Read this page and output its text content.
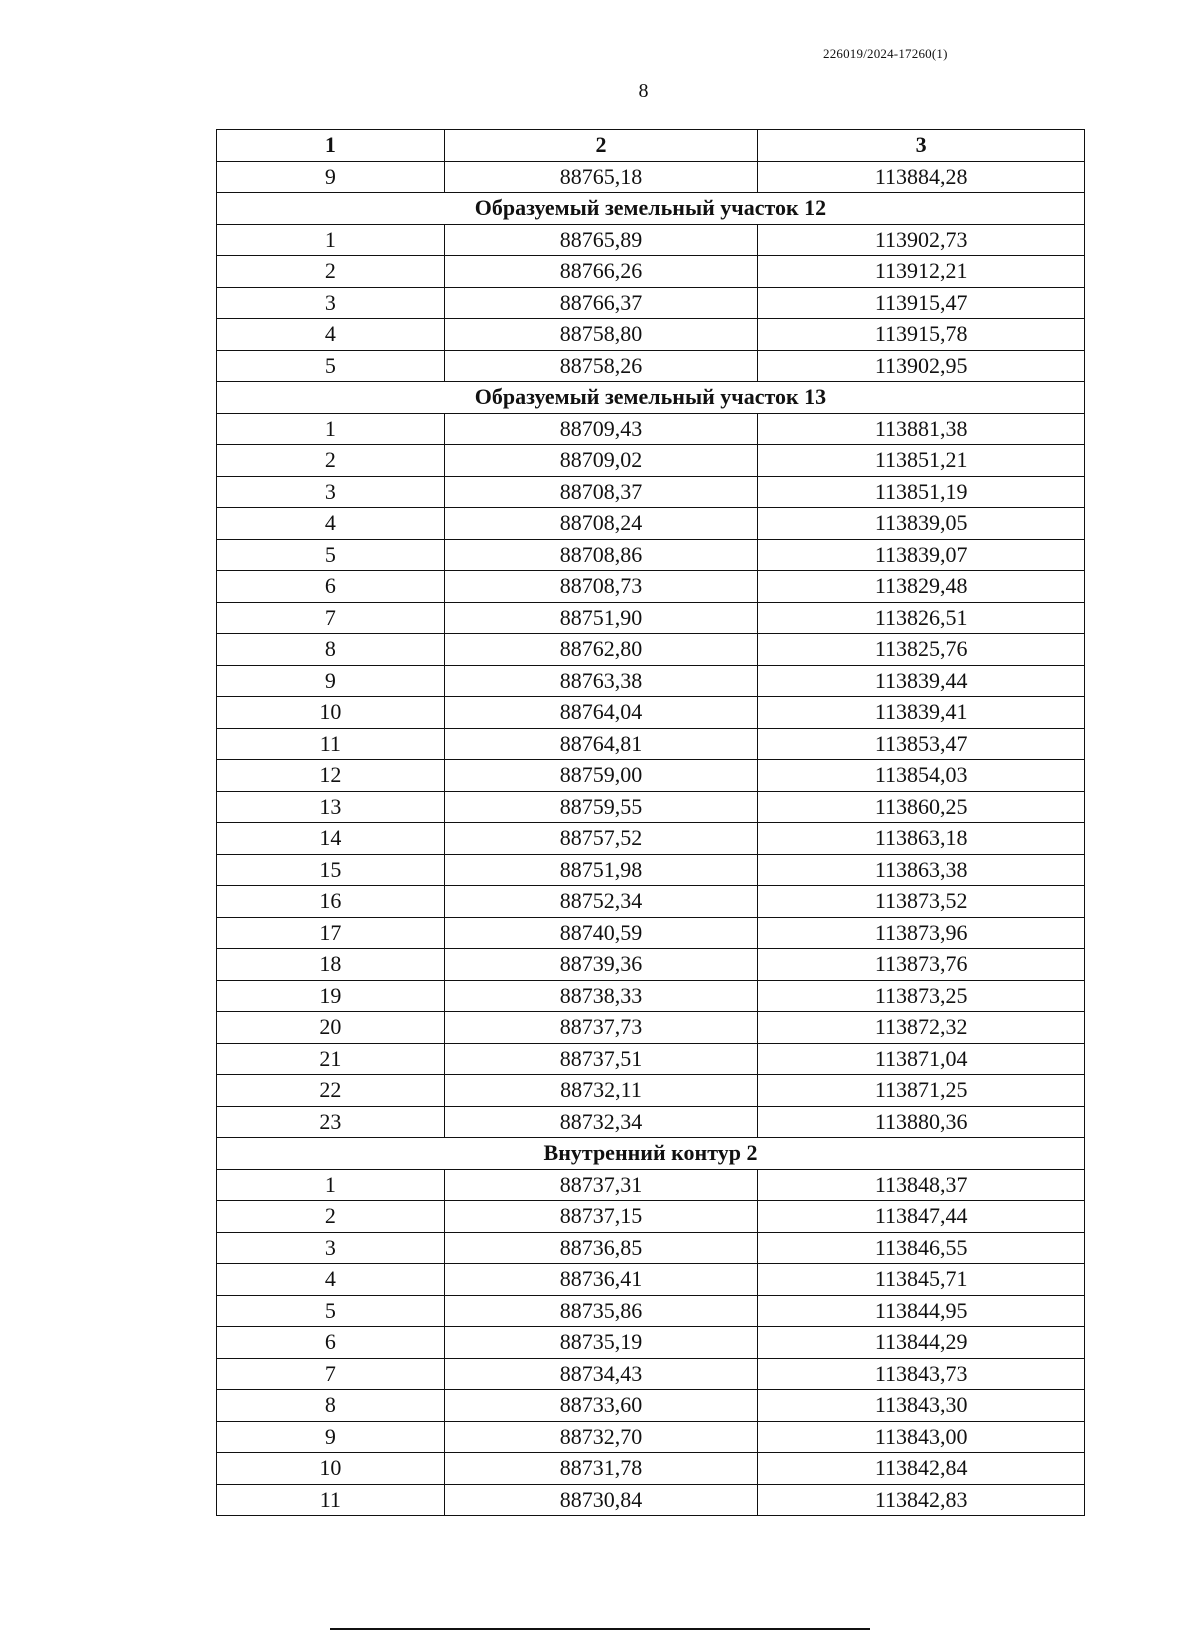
226019/2024-17260(1)
8
1	2	3
9	88765,18	113884,28
Образуемый земельный участок 12		
1	88765,89	113902,73
2	88766,26	113912,21
3	88766,37	113915,47
4	88758,80	113915,78
5	88758,26	113902,95
Образуемый земельный участок 13		
1	88709,43	113881,38
2	88709,02	113851,21
3	88708,37	113851,19
4	88708,24	113839,05
5	88708,86	113839,07
6	88708,73	113829,48
7	88751,90	113826,51
8	88762,80	113825,76
9	88763,38	113839,44
10	88764,04	113839,41
11	88764,81	113853,47
12	88759,00	113854,03
13	88759,55	113860,25
14	88757,52	113863,18
15	88751,98	113863,38
16	88752,34	113873,52
17	88740,59	113873,96
18	88739,36	113873,76
19	88738,33	113873,25
20	88737,73	113872,32
21	88737,51	113871,04
22	88732,11	113871,25
23	88732,34	113880,36
Внутренний контур 2		
1	88737,31	113848,37
2	88737,15	113847,44
3	88736,85	113846,55
4	88736,41	113845,71
5	88735,86	113844,95
6	88735,19	113844,29
7	88734,43	113843,73
8	88733,60	113843,30
9	88732,70	113843,00
10	88731,78	113842,84
11	88730,84	113842,83
